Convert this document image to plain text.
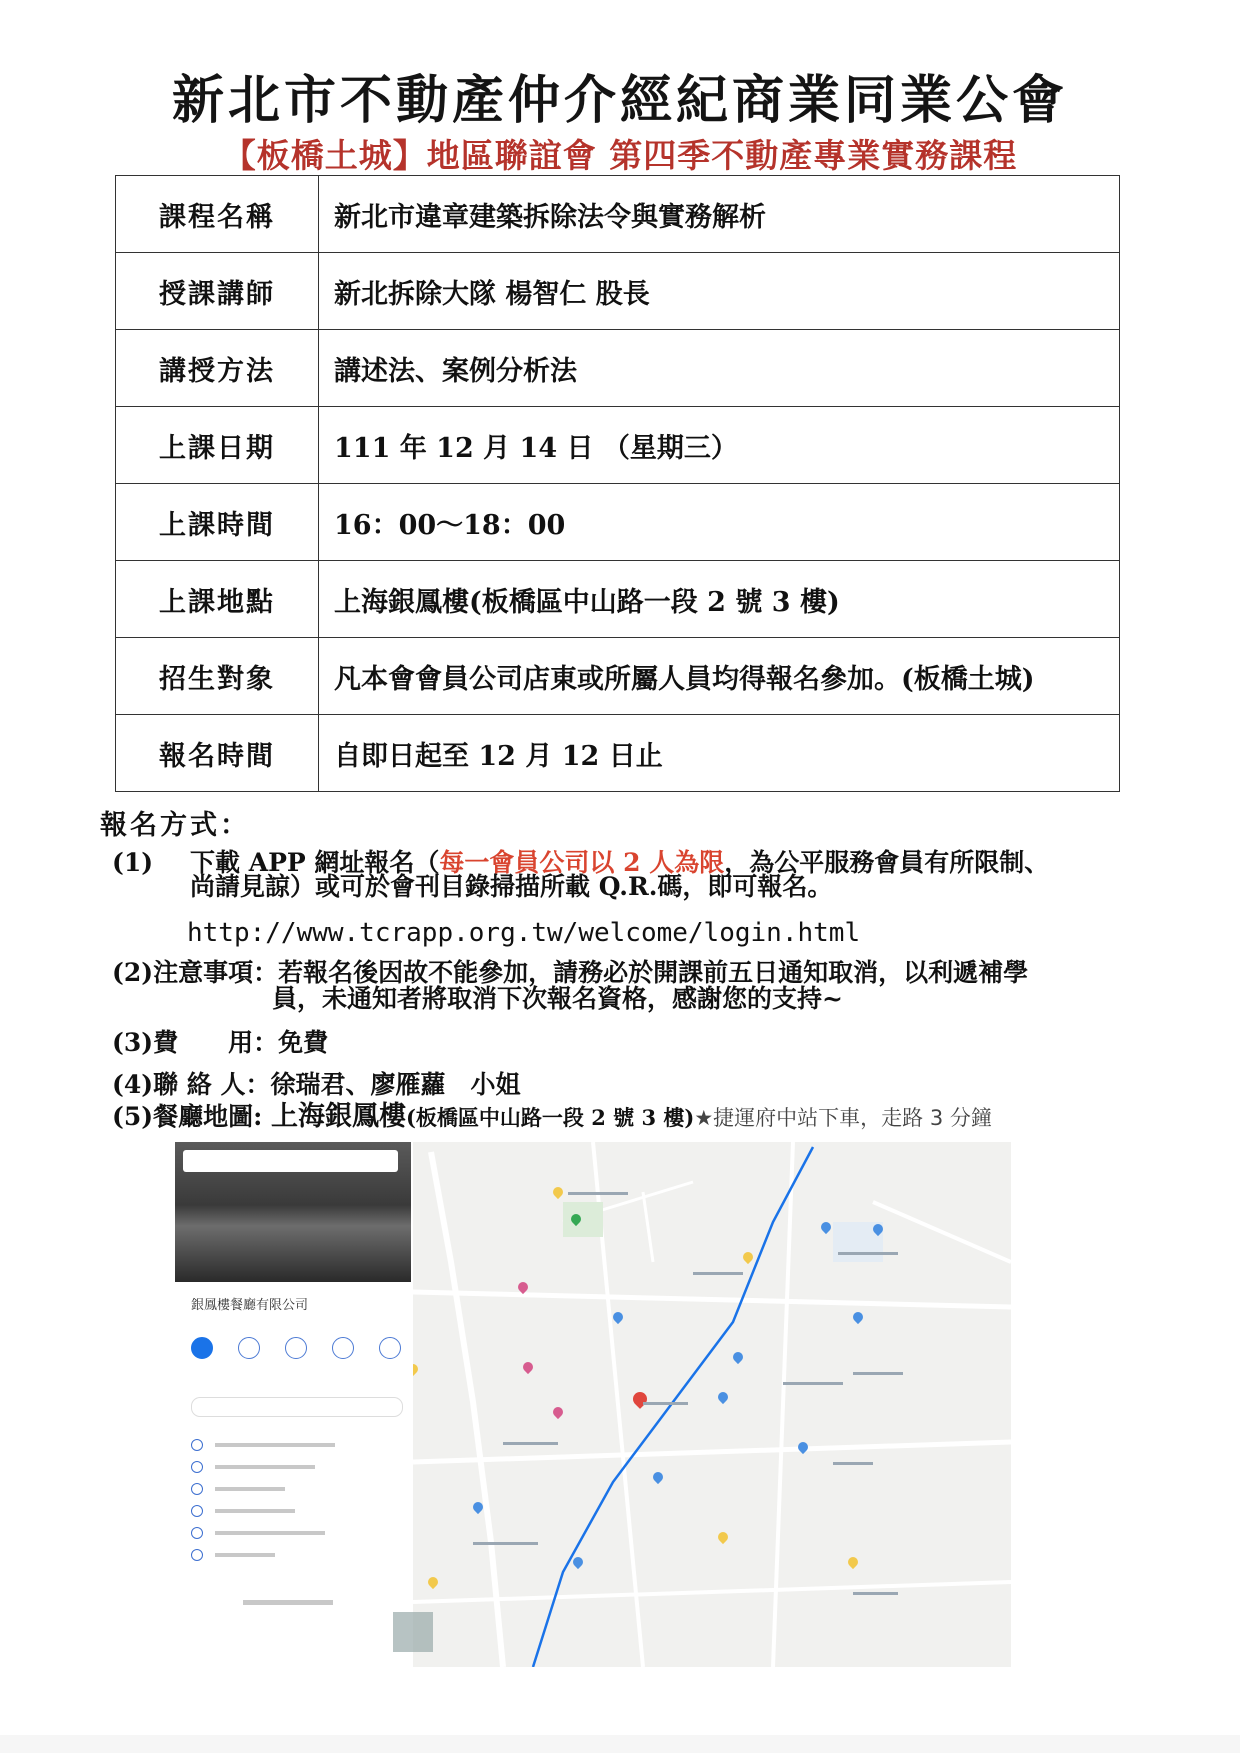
新北市不動產仲介經紀商業同業公會
【板橋土城】地區聯誼會 第四季不動產專業實務課程
課程名稱	新北市違章建築拆除法令與實務解析
授課講師	新北拆除大隊 楊智仁 股長
講授方法	講述法、案例分析法
上課日期	111 年 12 月 14 日 （星期三）
上課時間	16：00～18：00
上課地點	上海銀鳳樓(板橋區中山路一段 2 號 3 樓)
招生對象	凡本會會員公司店東或所屬人員均得報名參加。(板橋土城)
報名時間	自即日起至 12 月 12 日止
報名方式：
(1) 下載 APP 網址報名（每一會員公司以 2 人為限，為公平服務會員有所限制、
尚請見諒）或可於會刊目錄掃描所載 Q.R.碼，即可報名。
http://www.tcrapp.org.tw/welcome/login.html
(2)注意事項：若報名後因故不能參加，請務必於開課前五日通知取消，以利遞補學
員，未通知者將取消下次報名資格，感謝您的支持~
(3)費　　用：免費
(4)聯 絡 人：徐瑞君、廖雁蘿　小姐
(5)餐廳地圖: 上海銀鳳樓(板橋區中山路一段 2 號 3 樓)★捷運府中站下車，走路 3 分鐘
銀鳳樓餐廳有限公司
